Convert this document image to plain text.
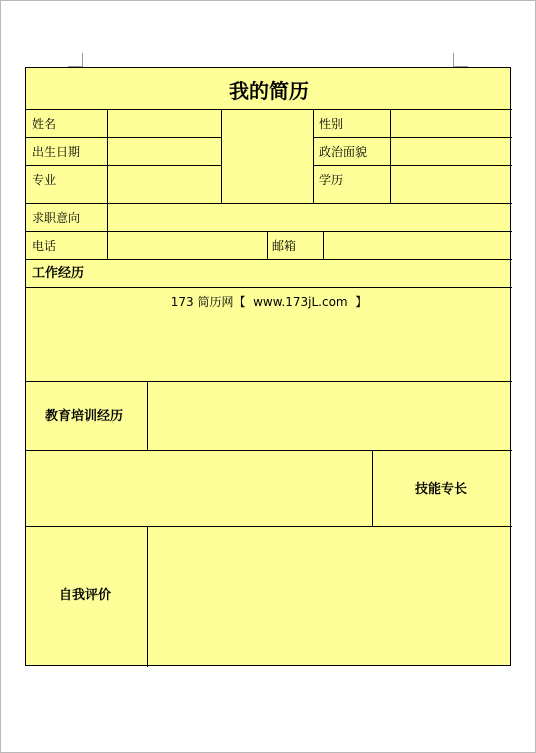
我的简历
姓名	性别
出生日期	政治面貌
专业	学历
求职意向
电话	邮箱
工作经历
173 简历网【  www.173jL.com  】
教育培训经历
技能专长
自我评价
